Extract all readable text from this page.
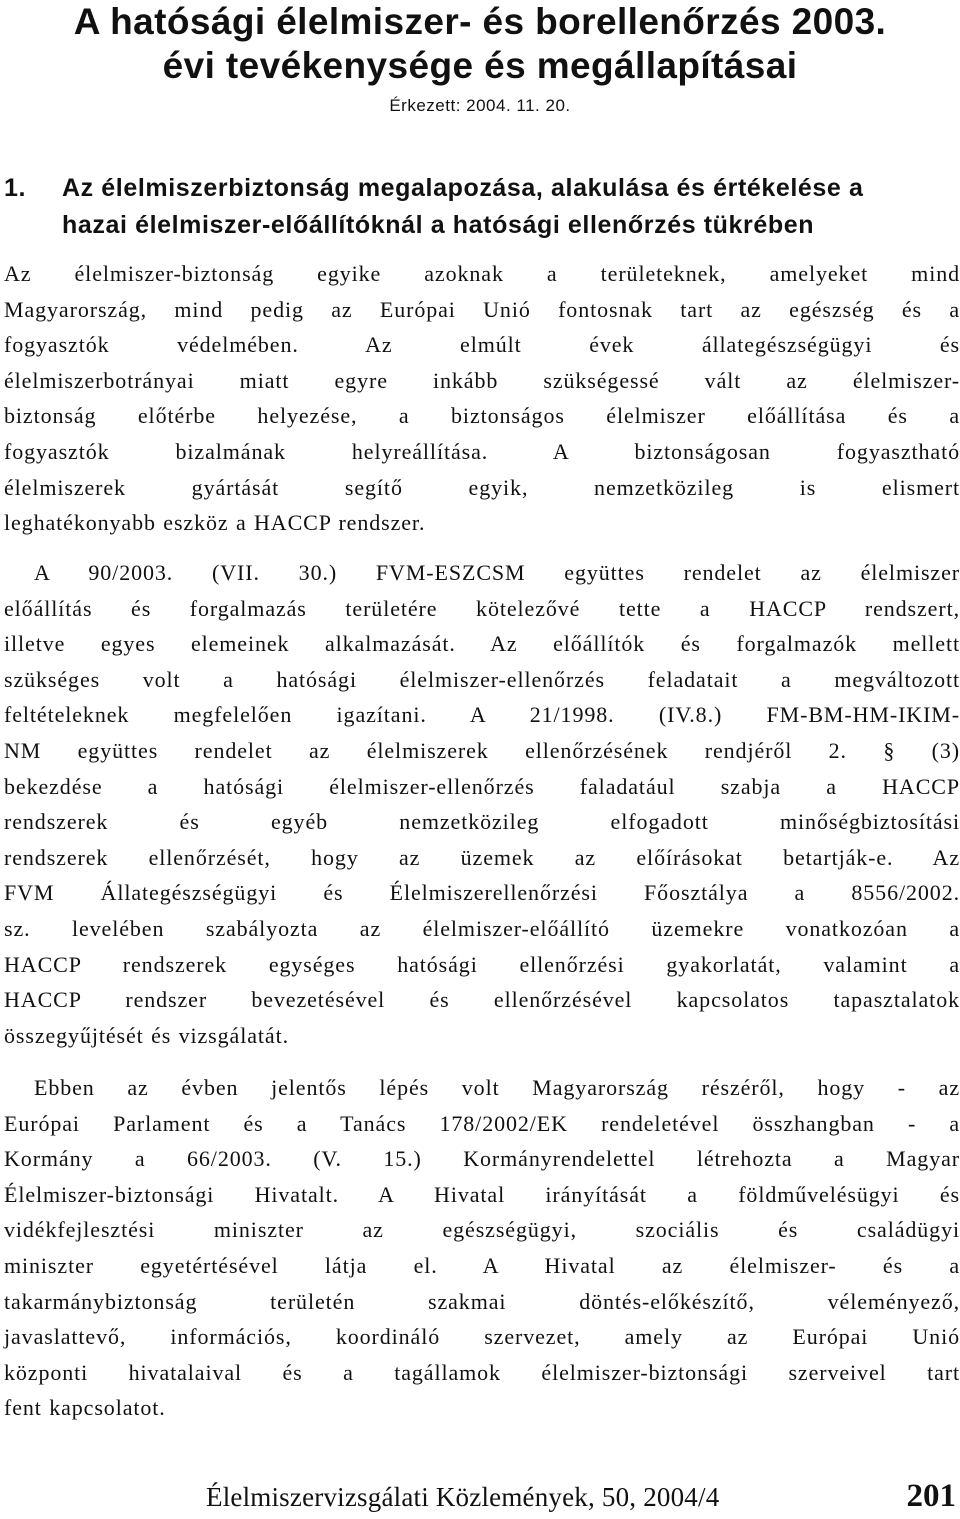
A hatósági élelmiszer- és borellenőrzés 2003.
évi tevékenysége és megállapításai
Érkezett: 2004. 11. 20.
1. Az élelmiszerbiztonság megalapozása, alakulása és értékelése a
hazai élelmiszer-előállítóknál a hatósági ellenőrzés tükrében
Az élelmiszer-biztonság egyike azoknak a területeknek, amelyeket mind
Magyarország, mind pedig az Európai Unió fontosnak tart az egészség és a
fogyasztók védelmében. Az elmúlt évek állategészségügyi és
élelmiszerbotrányai miatt egyre inkább szükségessé vált az élelmiszer-
biztonság előtérbe helyezése, a biztonságos élelmiszer előállítása és a
fogyasztók bizalmának helyreállítása. A biztonságosan fogyasztható
élelmiszerek gyártását segítő egyik, nemzetközileg is elismert
leghatékonyabb eszköz a HACCP rendszer.
A 90/2003. (VII. 30.) FVM-ESZCSM együttes rendelet az élelmiszer
előállítás és forgalmazás területére kötelezővé tette a HACCP rendszert,
illetve egyes elemeinek alkalmazását. Az előállítók és forgalmazók mellett
szükséges volt a hatósági élelmiszer-ellenőrzés feladatait a megváltozott
feltételeknek megfelelően igazítani. A 21/1998. (IV.8.) FM-BM-HM-IKIM-
NM együttes rendelet az élelmiszerek ellenőrzésének rendjéről 2. § (3)
bekezdése a hatósági élelmiszer-ellenőrzés faladatául szabja a HACCP
rendszerek és egyéb nemzetközileg elfogadott minőségbiztosítási
rendszerek ellenőrzését, hogy az üzemek az előírásokat betartják-e. Az
FVM Állategészségügyi és Élelmiszerellenőrzési Főosztálya a 8556/2002.
sz. levelében szabályozta az élelmiszer-előállító üzemekre vonatkozóan a
HACCP rendszerek egységes hatósági ellenőrzési gyakorlatát, valamint a
HACCP rendszer bevezetésével és ellenőrzésével kapcsolatos tapasztalatok
összegyűjtését és vizsgálatát.
Ebben az évben jelentős lépés volt Magyarország részéről, hogy - az
Európai Parlament és a Tanács 178/2002/EK rendeletével összhangban - a
Kormány a 66/2003. (V. 15.) Kormányrendelettel létrehozta a Magyar
Élelmiszer-biztonsági Hivatalt. A Hivatal irányítását a földművelésügyi és
vidékfejlesztési miniszter az egészségügyi, szociális és családügyi
miniszter egyetértésével látja el. A Hivatal az élelmiszer- és a
takarmánybiztonság területén szakmai döntés-előkészítő, véleményező,
javaslattevő, információs, koordináló szervezet, amely az Európai Unió
központi hivatalaival és a tagállamok élelmiszer-biztonsági szerveivel tart
fent kapcsolatot.
Élelmiszervizsgálati Közlemények, 50, 2004/4	201
